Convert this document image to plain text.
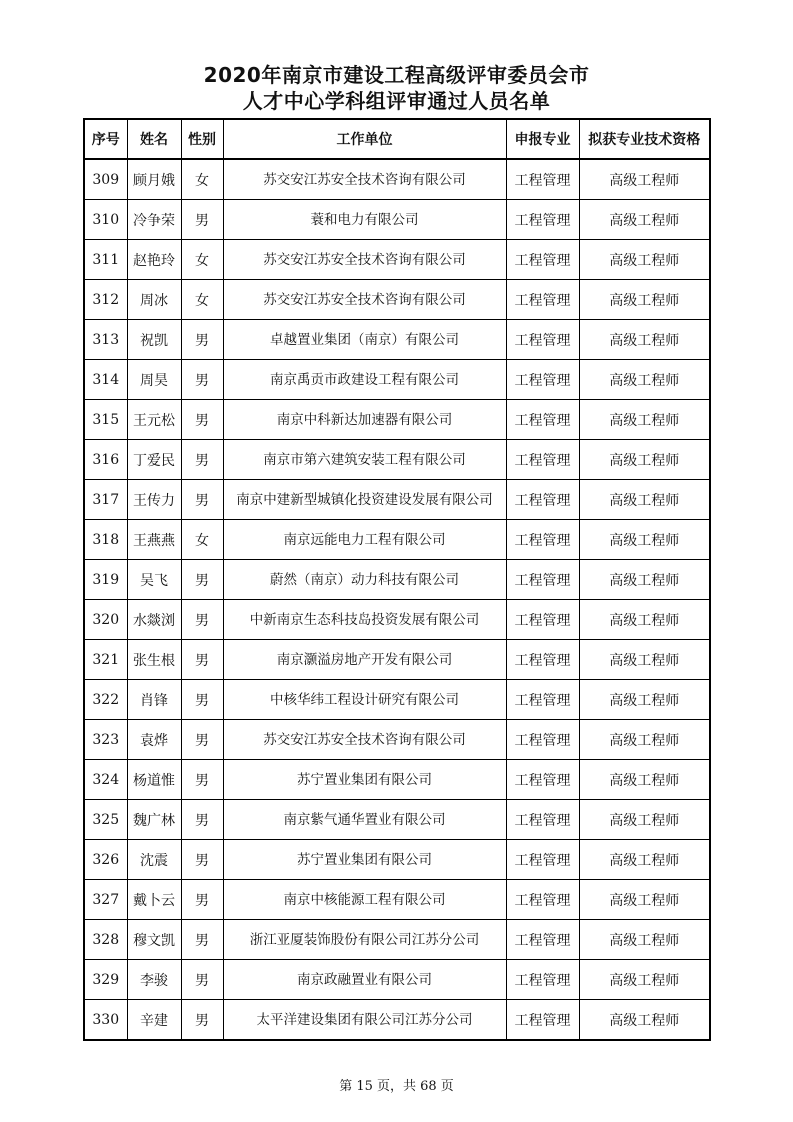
2020年南京市建设工程高级评审委员会市
人才中心学科组评审通过人员名单
序号	姓名	性别	工作单位	申报专业	拟获专业技术资格
309	顾月娥	女	苏交安江苏安全技术咨询有限公司	工程管理	高级工程师
310	冷争荣	男	蓑和电力有限公司	工程管理	高级工程师
311	赵艳玲	女	苏交安江苏安全技术咨询有限公司	工程管理	高级工程师
312	周冰	女	苏交安江苏安全技术咨询有限公司	工程管理	高级工程师
313	祝凯	男	卓越置业集团（南京）有限公司	工程管理	高级工程师
314	周昊	男	南京禹贡市政建设工程有限公司	工程管理	高级工程师
315	王元松	男	南京中科新达加速器有限公司	工程管理	高级工程师
316	丁爱民	男	南京市第六建筑安装工程有限公司	工程管理	高级工程师
317	王传力	男	南京中建新型城镇化投资建设发展有限公司	工程管理	高级工程师
318	王燕燕	女	南京远能电力工程有限公司	工程管理	高级工程师
319	吴飞	男	蔚然（南京）动力科技有限公司	工程管理	高级工程师
320	水燚浏	男	中新南京生态科技岛投资发展有限公司	工程管理	高级工程师
321	张生根	男	南京灏溢房地产开发有限公司	工程管理	高级工程师
322	肖锋	男	中核华纬工程设计研究有限公司	工程管理	高级工程师
323	袁烨	男	苏交安江苏安全技术咨询有限公司	工程管理	高级工程师
324	杨道惟	男	苏宁置业集团有限公司	工程管理	高级工程师
325	魏广林	男	南京紫气通华置业有限公司	工程管理	高级工程师
326	沈震	男	苏宁置业集团有限公司	工程管理	高级工程师
327	戴卜云	男	南京中核能源工程有限公司	工程管理	高级工程师
328	穆文凯	男	浙江亚厦装饰股份有限公司江苏分公司	工程管理	高级工程师
329	李骏	男	南京政融置业有限公司	工程管理	高级工程师
330	辛建	男	太平洋建设集团有限公司江苏分公司	工程管理	高级工程师
第 15 页，共 68 页
